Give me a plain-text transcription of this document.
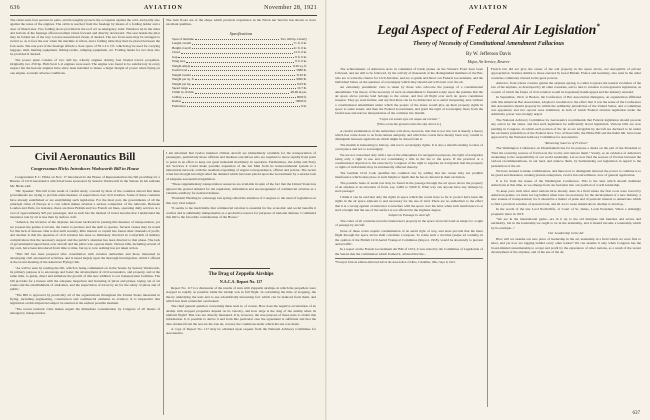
636	AVIATION	November 28, 1921

The cabin seats four persons in pairs, and thoroughly protects the occupants against the cold, and partly also against the noise of the engines. The cabin is reached from the fuselage by means of a folding ladder and a door of liberal size. Two folding doors provided in the roof act as emergency exits. Windows let in the sides and bottom of the fuselage afford excellent vision forward and directly downward. The seat beside the pilot may be folded out of the way to leave unrestricted vision, if desired. The two front seats may be arranged to swivel so as to face the rear when the machine is afloat, and a folding table may then be placed between the four seats. The rear part of the fuselage affords a clear space of 39 x 4 x 3 ft. which may be used for carrying luggage, mail, hunting equipment, fishing tackle, camping equipment, etc. Folding bunks for two may also be provided if desired.

The power plant consists of two 420 hp. Liberty engines driving four bladed tractor propellers. Originally two 250 hp. Hall-Scott L-6 engines were used. The engine was found to be satisfactory in every respect but the heavier engines have since been installed to insure a larger margin of power when flying on one engine, as under adverse conditions.

The twin floats are of the shape which practical experience in the Naval Air Service has shown to have excellent qualities.

Specifications
Span of machine	Two 420 hp. Liberty
Length overall	71 ft. 0 in.
Height overall	41 ft. 0 in.
Chord	14 ft. 0 in.
Gap	8 ft. 0 in.
Wing area	9 ft. 0 in.
Weight empty	1120 sq. ft.
Useful load	5880 lb.
Weight loaded	3120 lb.
Weight per sq. ft.	9000 lb.
Weight per hp.	8.03 lb.
Speed range	10.7 lb.
Climb in 10 min.	48-96 m.p.h.
Ceiling	6000 ft.
Radius	10000 ft.
Endurance	6 hr.
Civil Aeronautics Bill
Congressman Hicks Introduces Wadsworth Bill in House

Congressman F. C. Hicks on Nov. 17 introduced in the House of Representatives the bill providing for a Bureau of Civil Aeronautics which had been sponsored by Senator Wadsworth in the Senate. In his remarks Mr. Hicks said:

"Mr. Speaker: This bill is the result of careful study, covered by most of the countries abroad that these governments are trying to provide some measure of supervision over civil aviation. Some of these countries have already established or are establishing such legislation. For the most part, the governments of all the principal cities of Europe at a cost which makes aviation a serious competitor of the railroads. Between London and Paris, for instance, there are three British and two French air lines, operating daily services at a cost of approximately $25 per passenger, and as such has the method of travel become that I understand the insurance rate by air is less than by surface craft.

"America, the inventor of the airplane, has been backward in passing this measure of transportation, yet we possess the genius to invent, the talent to produce and the skill to operate. Several causes may be noted for this lack of interest. One is that until recently, little interest or capital has found other channels of profit, and another is that the question of civil aviation has been so intimately involved in a labyrinth of military complications that the necessary support and the public's attention has been directed to that phase. The lack of governmental supervision over aircraft and the pilots who operate them. Various bills, including several of my own, have been introduced from time to time, but up to now nothing has yet taken action.

"This bill has been prepared after consultation with aviation authorities and those interested in developing civil aeronautical activities, and is based largely upon the thorough investigation, which I offered at the recent meeting of the American Flying Club.

"As will be seen by reading the bill, which is being commented on in the Senate by Senator Wadsworth, its primary purpose is to encourage and foster the development of civil aeronautics, and property, and at the same time, to guide, direct and stimulate the growth of this new addition to our transportation facilities. The bill provides for a bureau with the adequate inspection and licensing of pilots and planes, laying out of air routes and the establishment of airdromes, and the supervision of travel by air for the safety of pilots and of public.

"The Bill is approved by practically all of the organizations throughout the United States interested in flying, including engineering, construction and commercial elements in aviation. It is imperative that legislation on this important subject be enacted at the earliest possible moment.

"The recent national crisis makes urgent the immediate consideration by Congress of all means of emergency transportation.

I am informed that twelve hundred civilian aircraft are immediately available for the transportation of passengers, particularly those officials and business executives who are required to move rapidly from point to point in an effort to keep our great industrial machinery in operation. Furthermore, the Army and Navy Air Services it would make possible expansion of the Air Mail from its transcontinental system to a nationwide network, with the resultant expediting of urgent correspondence, official and private. The recent crisis has brought into high relief the demand which has been placed upon the Government by a serious lack of adequate aeronautical legislation.

"These supplementary transportation resources are available in spite of the fact that the United States has ignored the ground demand for the regulation, stimulation and encouragement of commercial aviation as a valuable auxiliary for national defense.

"President Harding in a message last spring called the attention of Congress to the need of legislation on this very vital subject.

"It seems to me inadvisable that commercial aviation is essential for the economic and social benefits it confers and is admittedly indispensable as a productive reserve for purposes of national defense. I commend this bill to the favorable consideration of the House."

The Drag of Zeppelin Airships
N.A.C.A. Report No. 117

Report No. 117 is a discussion of the results of tests with Zeppelin airships, in which the propellers were stopped as rapidly as possible while the airship was in full flight. In calculating the time of stopping, the theory underlying the tests and to use scientifically interesting fact which can be deduced from them, and which has been somewhat overlooked.

The chief general question concerning these tests is, of course, How does the negative acceleration of an airship with stopped propellers depend on its velocity, and how large is the drag of the airship when its uniform flight? This was not directly measured. It is, however, the true purpose of these tests to obtain this information. It is possible to derive it and from this particular case the agreement is sufficient and that the data obtained from the test are the true air, at least, the conditions under which the test was made.

A copy of Report No. 117 may be obtained upon request from the National Advisory Committee for Aeronautics.

AVIATION
Legal Aspect of Federal Air Legislation*
Theory of Necessity of Constitutional Amendment Fallacious
By W. Jefferson Davis
Major, Air Service, Reserve

The achievements of American Aces in command of battle planes on the Western Front have been followed, and are still to be followed, by the activity of thousands of the distinguished members of the Bar, who are to write the charter for Civil Aviation, and are to guide and direct our Federal Government, and the individual States on the question of sovereignty which they should and will exert over the air.

An extremely pessimistic view is taken by those who advocate the passage of a constitutional amendment. The theory of the necessity of such an amendment is founded solely upon the premise that the air space above private land belongs to the owner, and that all flight over such air space constitutes trespass. They go even further, and say that there can be no distinction as to aerial trespassing, and, without a constitutional amendment under which the people of the states would give up their property rights in space to some extent, and then the Federal Government, and grant the right of sovereignty more from the lawful uses and narrow interpretation of the common law maxim.

"Cujus est solum ejus est usque ad coelum."

(Who owns the ground owns the sky above it.)

A careful examination of the authorities will show, however, that this is not law, but is merely a theory which has come down to us from remote antiquity, and which the courts have merely been very careful to distinguish between applications which might be drawn from it.

The maxim is interesting to history, and not to sovereignty rights. It is also a maxim relating to rules of conveyance and not to sovereignty.

We are not concerned only with a use of the atmosphere for navigation purposes, the right of navigation being only a right to use and not constituting a title in the fee to the space. If the practical or a constitutional objection to the exercise by Congress of the right to regulate air navigation that the property or rights of individuals may be incidentally affected thereby.

The German Civil Code qualifies the common law by adding that the owner may not prohibit interference which takes place at such height or depth that he has no interest in their exclusion.

The possible basis of aerial law may be found in the passage through the air space above the property of an airplane at an elevation of from, say, 2,000 to 5,000 ft. What way can anyone have any damage by such passage?

I think it can be said that only the rights in space which the courts have so far to protect have been the rights in the air space adjacent to and necessary for the use of land. There are no authorities to the effect that it is a wrong against a landowner to interfere with the space over his land, when such interference is at such a height that the use of the surface is not affected in the slightest degree.

Subject to Passage in Aircraft

The codes of all countries treat the landowner's property in the space above his land as subject to a right of passage by aircraft.

None of these codes require condemnation of an aerial right of way, and none provide that the mere flight through the space above shall constitute a trespass. To retain such a doctrine (usque ad coelum), in the opinion of the British Civil Aerial Transport Committee (Report, 1918), would be absolutely to prevent aerial traffic.

In a report on the French Government Air Bill of 1913, it was stated by the Committee of Legislation of the Senate that the commission which framed it, advised that the...

*Excerpts from an address delivered before the Association of Ohio, Columbus, Ohio, Sept. 6, 1921.

French law did not give the owner of the soil property in the space above, not susceptible of private appropriation. Statutes similar to those enacted by Great Britain, France and Germany, also exist in the other countries commonly classed as the great powers.

America, from whose creative genius the airplane sprang, is called to ignore the natural evolution of the law of the airplane, as developed by all other countries, and to turn to aviation to retrogressive legislation, as a result of which the future of civil aviation would be hopelessly handicapped and the industry retarded.

In September, 1910, at Boston, the Conference of Bar Association Delegates, an organization affiliated with this American Bar Association, adopted a resolution to the effect that it was the sense of the Conference that Aeronautics should properly be within the Admiralty jurisdiction of the United States, and a committee was appointed, and two reports were submitted, in both of which Federal aviation legislation under the Admiralty power was strongly urged.

The National Advisory Committee for Aeronautics recommends that Federal legislation should precede any action by the states, and that such legislation be sufficiently broad legislation. Various bills are now pending in Congress, in which each portion of the air as are navigable by aircraft are declared to be under the exclusive jurisdiction of the Federal laws. Two of these bills, the Hicks Bill and the Kahn bill, have been approved by the National Advisory Committee for Aeronautics.

"Removing Sources of Friction"

The Washington Conference on Disarmament has for its purpose a desire on the part of the President to "find the recurring sources of friction in the world, and remove them." Surely, as an evidence of America's awakening to the responsibility of our world leadership. Let us now find the sources of friction between the various recommendations, in our land, and remove them, by harmonizing our legislation in regard to the jurisdiction of the air.

We have learned to make combinations, and must now to distinguish between the power to combine is to let greed and measures, running present enterprises, evolve into surveillance, now of general application.

It is far from the issues of the Washington Conference. This is the idea which should dominate Americans at this time, as we emerge from our isolation into our position of world leadership.

To keep pace with what other nations have already done in a field where the first roots were traced by American genius, we must not lag behind when laws are necessary for the development of a new industry, a new avenue of transportation; for it should be a matter of pride and of patriotic interest to Americans which to find a practical solution of present trade, and all are to wean Americans in attempt to develop...

In the words of the late Lord Northcliffe, of Court of St. James, Lords President, When a strikingly prophetic letter in 1913:

"We are in the international game—are in it up to the old intrigues and hunches and serves and unchastity, but in the leadership we ought to be in the leadership, and it should become a leadership which by its example..."

Our Leadership in the Air

How will we assume our new place of leadership in the air, leadership in a field which we were first to enter, and yet now are lagging behind every other nation? We can assume it only when Congress has the broad-minded statesmanship to accept and profit by the experience of other nations, as a result of the recent development of the airplane, and of the use of the air.

637
